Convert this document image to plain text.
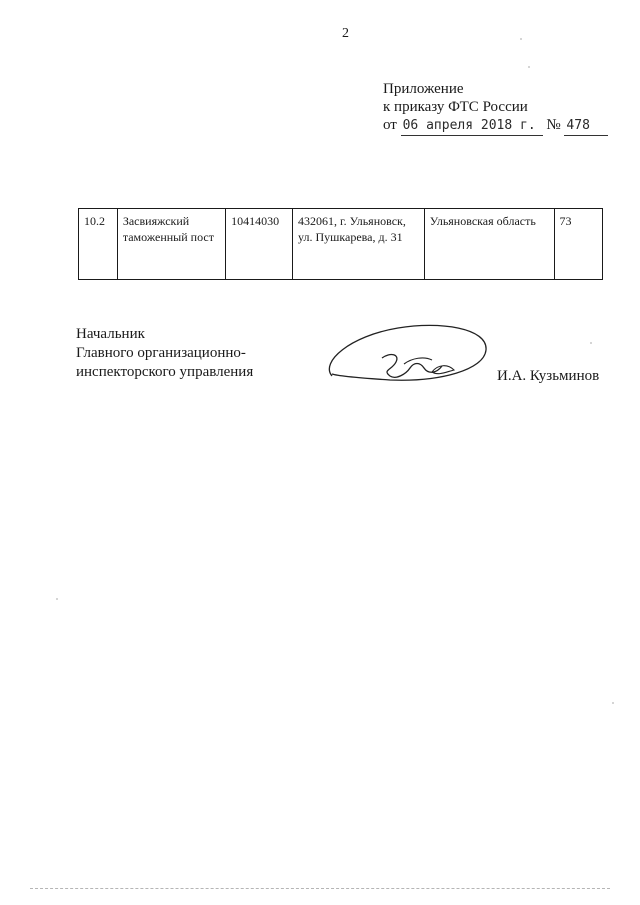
2
Приложение
к приказу ФТС России
от 06 апреля 2018 г. № 478
10.2	Засвияжский таможенный пост	10414030	432061, г. Ульяновск, ул. Пушкарева, д. 31	Ульяновская область	73
Начальник
Главного организационно-
инспекторского управления	И.А. Кузьминов
